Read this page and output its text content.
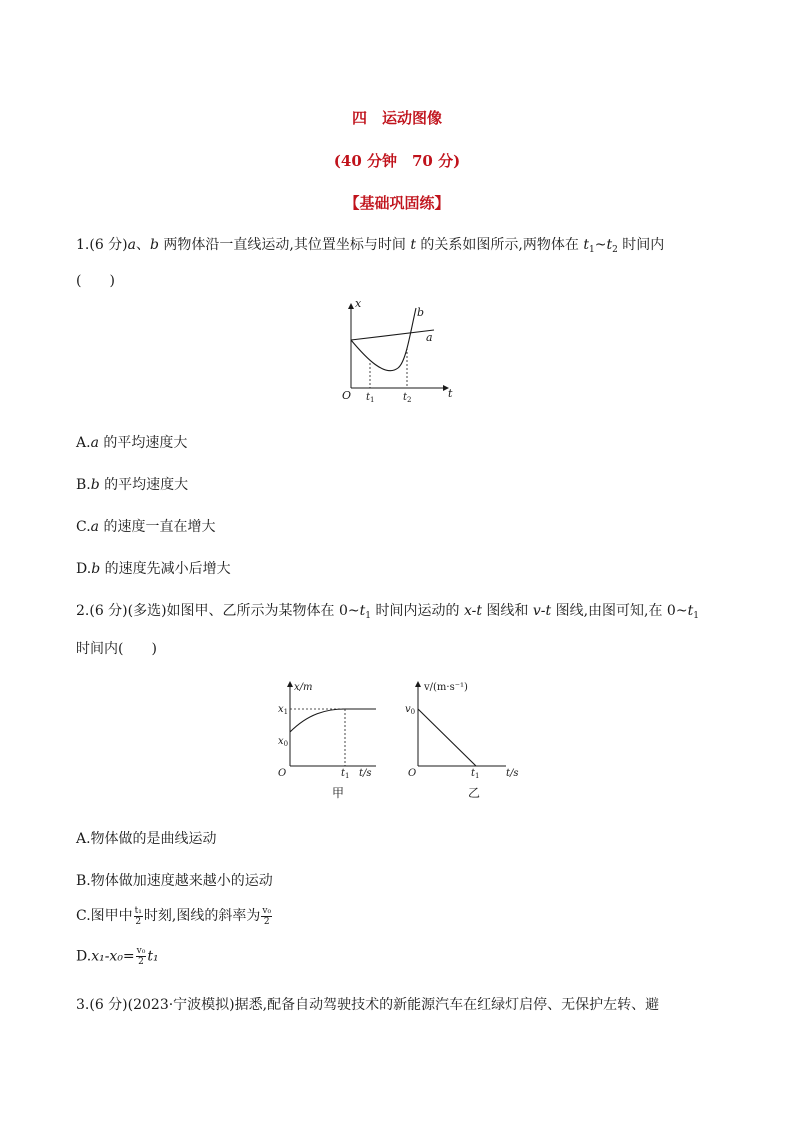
四　运动图像
(40 分钟　70 分)
【基础巩固练】
1.(6 分)a、b 两物体沿一直线运动,其位置坐标与时间 t 的关系如图所示,两物体在 $t_1\sim t_2$ 时间内
(　　)
x
t
O $t_1$	$t_2$
a
b
A.a 的平均速度大
B.b 的平均速度大
C.a 的速度一直在增大
D.b 的速度先减小后增大
2.(6 分)(多选)如图甲、乙所示为某物体在 $0\sim t_1$ 时间内运动的 x-t 图线和 v-t 图线,由图可知,在 $0\sim t_1$
时间内(　　)
x/m
$x_1$
$x_0$
O	$t_1$ t/s
甲
v/(m·s⁻¹)
$v_0$
O	$t_1$	t/s
乙
A.物体做的是曲线运动
B.物体做加速度越来越小的运动
C.图甲中 $\frac{\text{t₁}}{2}$ 时刻,图线的斜率为 $\frac{\text{v₀}}{2}$
$D.x_1-x_0= \frac{\text{v₀}}{2} t_1$
3.(6 分)(2023·宁波模拟)据悉,配备自动驾驶技术的新能源汽车在红绿灯启停、无保护左转、避
